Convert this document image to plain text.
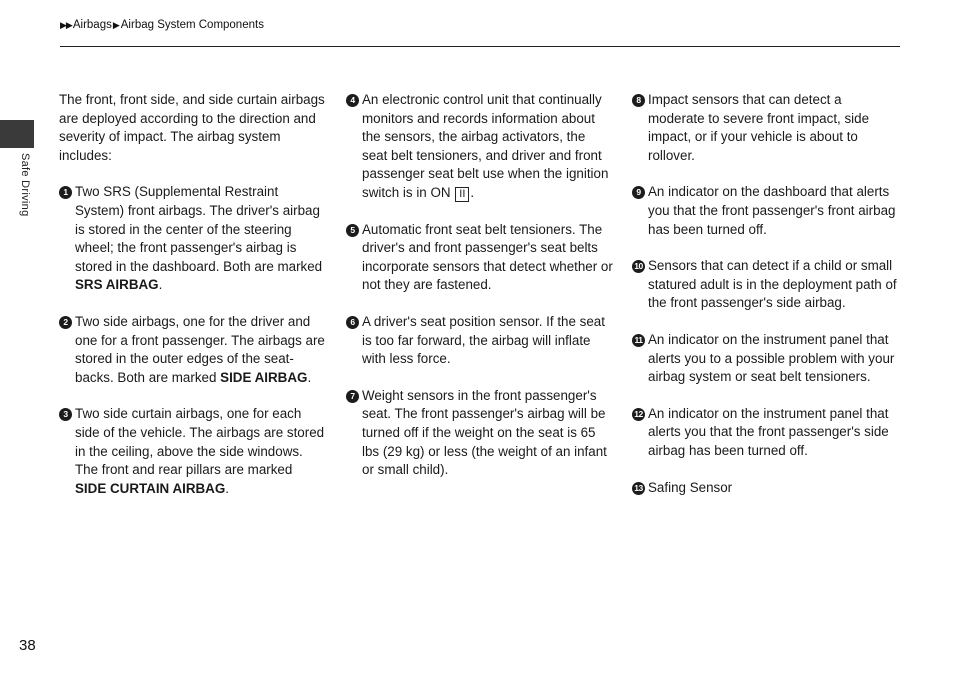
▶▶Airbags▶Airbag System Components
Safe Driving

The front, front side, and side curtain airbags are deployed according to the direction and severity of impact. The airbag system includes:

1 Two SRS (Supplemental Restraint System) front airbags. The driver's airbag is stored in the center of the steering wheel; the front passenger's airbag is stored in the dashboard. Both are marked SRS AIRBAG.
2 Two side airbags, one for the driver and one for a front passenger. The airbags are stored in the outer edges of the seat-backs. Both are marked SIDE AIRBAG.
3 Two side curtain airbags, one for each side of the vehicle. The airbags are stored in the ceiling, above the side windows. The front and rear pillars are marked SIDE CURTAIN AIRBAG.
4 An electronic control unit that continually monitors and records information about the sensors, the airbag activators, the seat belt tensioners, and driver and front passenger seat belt use when the ignition switch is in ON II .
5 Automatic front seat belt tensioners. The driver's and front passenger's seat belts incorporate sensors that detect whether or not they are fastened.
6 A driver's seat position sensor. If the seat is too far forward, the airbag will inflate with less force.
7 Weight sensors in the front passenger's seat. The front passenger's airbag will be turned off if the weight on the seat is 65 lbs (29 kg) or less (the weight of an infant or small child).
8 Impact sensors that can detect a moderate to severe front impact, side impact, or if your vehicle is about to rollover.
9 An indicator on the dashboard that alerts you that the front passenger's front airbag has been turned off.
10 Sensors that can detect if a child or small statured adult is in the deployment path of the front passenger's side airbag.
11 An indicator on the instrument panel that alerts you to a possible problem with your airbag system or seat belt tensioners.
12 An indicator on the instrument panel that alerts you that the front passenger's side airbag has been turned off.
13 Safing Sensor
38
